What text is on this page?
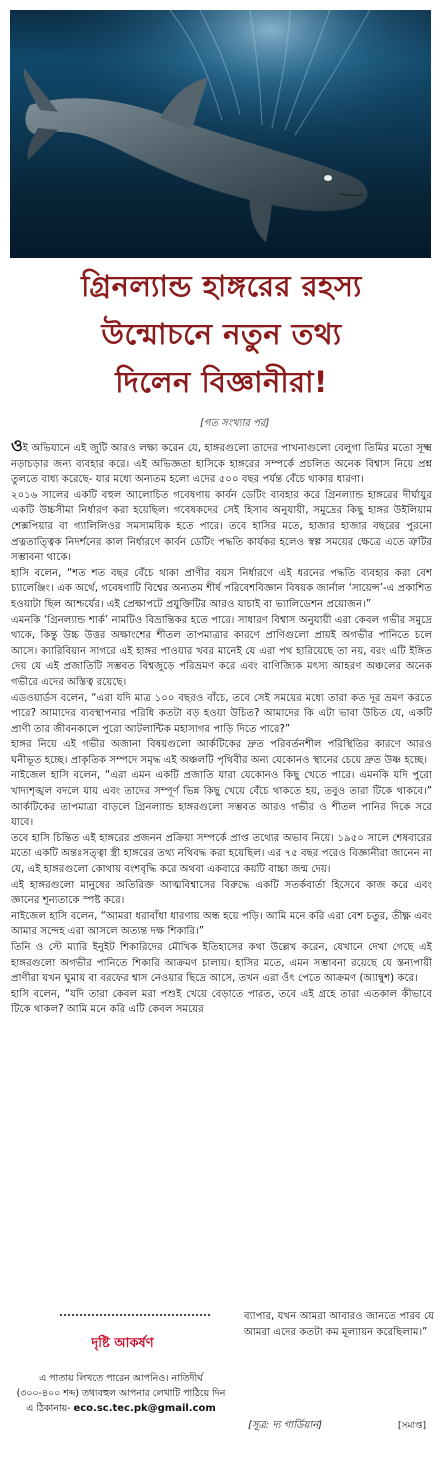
গ্রিনল্যান্ড হাঙ্গরের রহস্য
উন্মোচনে নতুন তথ্য
দিলেন বিজ্ঞানীরা!
[গত সংখ্যার পর]

ওই অভিযানে এই জুটি আরও লক্ষ্য করেন যে, হাঙ্গরগুলো তাদের পাখনাগুলো বেলুগা তিমির মতো সূক্ষ্ম নড়াচড়ার জন্য ব্যবহার করে। এই অভিজ্ঞতা হাসিকে হাঙ্গরের সম্পর্কে প্রচলিত অনেক বিশ্বাস নিয়ে প্রশ্ন তুলতে বাধ্য করেছে- যার মধ্যে অন্যতম হলো এদের ৫০০ বছর পর্যন্ত বেঁচে থাকার ধারণা।

২০১৬ সালের একটি বহুল আলোচিত গবেষণায় কার্বন ডেটিং ব্যবহার করে গ্রিনল্যান্ড হাঙ্গরের দীর্ঘায়ুর একটি উচ্চসীমা নির্ধারণ করা হয়েছিল। গবেষকদের সেই হিসাব অনুযায়ী, সমুদ্রের কিছু হাঙ্গর উইলিয়াম শেক্সপিয়ার বা গ্যালিলিওর সমসাময়িক হতে পারে। তবে হাসির মতে, হাজার হাজার বছরের পুরনো প্রত্নতাত্ত্বিক নিদর্শনের কাল নির্ধারণে কার্বন ডেটিং পদ্ধতি কার্যকর হলেও স্বল্প সময়ের ক্ষেত্রে এতে ত্রুটির সম্ভাবনা থাকে।

হাসি বলেন, “শত শত বছর বেঁচে থাকা প্রাণীর বয়স নির্ধারণে এই ধরনের পদ্ধতি ব্যবহার করা বেশ চ্যালেঞ্জিং। এক অর্থে, গবেষণাটি বিশ্বের অন্যতম শীর্ষ পরিবেশবিজ্ঞান বিষয়ক জার্নাল ‘সায়েন্স’-এ প্রকাশিত হওয়াটা ছিল আশ্চর্যের। এই প্রেক্ষাপটে প্রযুক্তিটির আরও যাচাই বা ভ্যালিডেশন প্রয়োজন।”

এমনকি ‘গ্রিনল্যান্ড শার্ক’ নামটিও বিভ্রান্তিকর হতে পারে। সাধারণ বিশ্বাস অনুযায়ী এরা কেবল গভীর সমুদ্রে থাকে, কিন্তু উচ্চ উত্তর অক্ষাংশের শীতল তাপমাত্রার কারণে প্রাণিগুলো প্রায়ই অগভীর পানিতে চলে আসে। ক্যারিবিয়ান সাগরে এই হাঙ্গর পাওয়ার খবর মানেই যে এরা পথ হারিয়েছে তা নয়, বরং এটি ইঙ্গিত দেয় যে এই প্রজাতিটি সম্ভবত বিশ্বজুড়ে পরিভ্রমণ করে এবং বাণিজ্যিক মৎস্য আহরণ অঞ্চলের অনেক গভীরে এদের অস্তিত্ব রয়েছে।

এডওয়ার্ডস বলেন, “এরা যদি মাত্র ১০০ বছরও বাঁচে, তবে সেই সময়ের মধ্যে তারা কত দূর ভ্রমণ করতে পারে? আমাদের ব্যবস্থাপনার পরিধি কতটা বড় হওয়া উচিত? আমাদের কি এটা ভাবা উচিত যে, একটি প্রাণী তার জীবনকালে পুরো আটলান্টিক মহাসাগর পাড়ি দিতে পারে?”

হাঙ্গর নিয়ে এই গভীর অজানা বিষয়গুলো আর্কটিকের দ্রুত পরিবর্তনশীল পরিস্থিতির কারণে আরও ঘনীভূত হচ্ছে। প্রাকৃতিক সম্পদে সমৃদ্ধ এই অঞ্চলটি পৃথিবীর অন্য যেকোনও স্থানের চেয়ে দ্রুত উষ্ণ হচ্ছে।

নাইজেল হাসি বলেন, “এরা এমন একটি প্রজাতি যারা যেকোনও কিছু খেতে পারে। এমনকি যদি পুরো খাদ্যশৃঙ্খল বদলে যায় এবং তাদের সম্পূর্ণ ভিন্ন কিছু খেয়ে বেঁচে থাকতে হয়, তবুও তারা টিকে থাকবে।” আর্কটিকের তাপমাত্রা বাড়লে গ্রিনল্যান্ড হাঙ্গরগুলো সম্ভবত আরও গভীর ও শীতল পানির দিকে সরে যাবে।

তবে হাসি চিন্তিত এই হাঙ্গরের প্রজনন প্রক্রিয়া সম্পর্কে প্রাপ্ত তথ্যের অভাব নিয়ে। ১৯৫০ সালে শেষবারের মতো একটি অন্তঃসত্ত্বা স্ত্রী হাঙ্গরের তথ্য নথিবদ্ধ করা হয়েছিল। এর ৭৫ বছর পরেও বিজ্ঞানীরা জানেন না যে, এই হাঙ্গরগুলো কোথায় বংশবৃদ্ধি করে অথবা একবারে কয়টি বাচ্চা জন্ম দেয়।

এই হাঙ্গরগুলো মানুষের অতিরিক্ত আত্মবিশ্বাসের বিরুদ্ধে একটি সতর্কবার্তা হিসেবে কাজ করে এবং জ্ঞানের শূন্যতাকে স্পষ্ট করে।

নাইজেল হাসি বলেন, “আমরা ধরাবাঁধা ধারণায় অন্ধ হয়ে পড়ি। আমি মনে করি এরা বেশ চতুর, তীক্ষ্ণ এবং আমার সন্দেহ এরা আসলে অত্যন্ত দক্ষ শিকারি।”

তিনি ও স্টে ম্যারি ইনুইট শিকারিদের মৌখিক ইতিহাসের কথা উল্লেখ করেন, যেখানে দেখা গেছে এই হাঙ্গরগুলো অগভীর পানিতে শিকারি আক্রমণ চালায়। হাসির মতে, এমন সম্ভাবনা রয়েছে যে স্তন্যপায়ী প্রাণীরা যখন ঘুমায় বা বরফের শ্বাস নেওয়ার ছিদ্রে আসে, তখন এরা ওঁৎ পেতে আক্রমণ (অ্যাম্বুশ) করে।

হাসি বলেন, “যদি তারা কেবল মরা পশুই খেয়ে বেড়াতে পারত, তবে এই গ্রহে তারা এতকাল কীভাবে টিকে থাকল? আমি মনে করি এটি কেবল সময়ের

ব্যাপার, যখন আমরা আবারও জানতে পারব যে আমরা এদের কতটা কম মূল্যায়ন করেছিলাম।”
দৃষ্টি আকর্ষণ
এ পাতায় লিখতে পারেন আপনিও। নাতিদীর্ঘ
(৩০০-৪০০ শব্দ) তথ্যবহুল আপনার লেখাটি পাঠিয়ে দিন
এ ঠিকানায়- eco.sc.tec.pk@gmail.com
[সূত্র: দ্য গার্ডিয়ান]	[সমাপ্ত]
